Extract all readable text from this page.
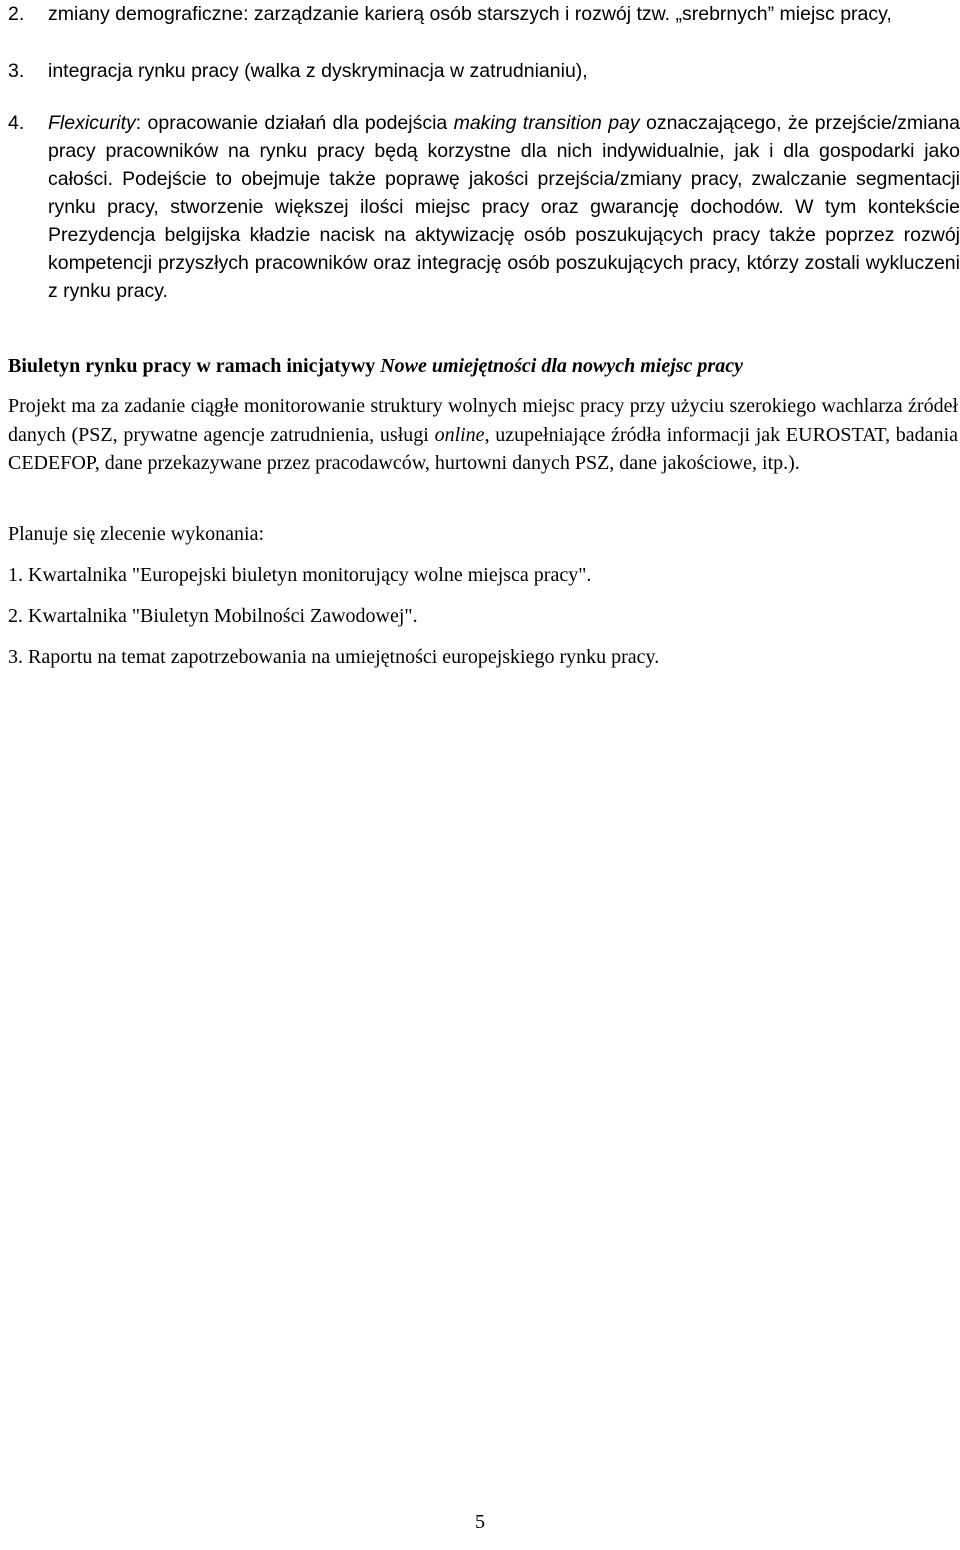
2. zmiany demograficzne: zarządzanie karierą osób starszych i rozwój tzw. „srebrnych” miejsc pracy,
3. integracja rynku pracy (walka z dyskryminacja w zatrudnianiu),
4. Flexicurity: opracowanie działań dla podejścia making transition pay oznaczającego, że przejście/zmiana pracy pracowników na rynku pracy będą korzystne dla nich indywidualnie, jak i dla gospodarki jako całości. Podejście to obejmuje także poprawę jakości przejścia/zmiany pracy, zwalczanie segmentacji rynku pracy, stworzenie większej ilości miejsc pracy oraz gwarancję dochodów. W tym kontekście Prezydencja belgijska kładzie nacisk na aktywizację osób poszukujących pracy także poprzez rozwój kompetencji przyszłych pracowników oraz integrację osób poszukujących pracy, którzy zostali wykluczeni z rynku pracy.
Biuletyn rynku pracy w ramach inicjatywy Nowe umiejętności dla nowych miejsc pracy
Projekt ma za zadanie ciągłe monitorowanie struktury wolnych miejsc pracy przy użyciu szerokiego wachlarza źródeł danych (PSZ, prywatne agencje zatrudnienia, usługi online, uzupełniające źródła informacji jak EUROSTAT, badania CEDEFOP, dane przekazywane przez pracodawców, hurtowni danych PSZ, dane jakościowe, itp.).
Planuje się zlecenie wykonania:
1. Kwartalnika "Europejski biuletyn monitorujący wolne miejsca pracy".
2. Kwartalnika "Biuletyn Mobilności Zawodowej".
3. Raportu na temat zapotrzebowania na umiejętności europejskiego rynku pracy.
5
